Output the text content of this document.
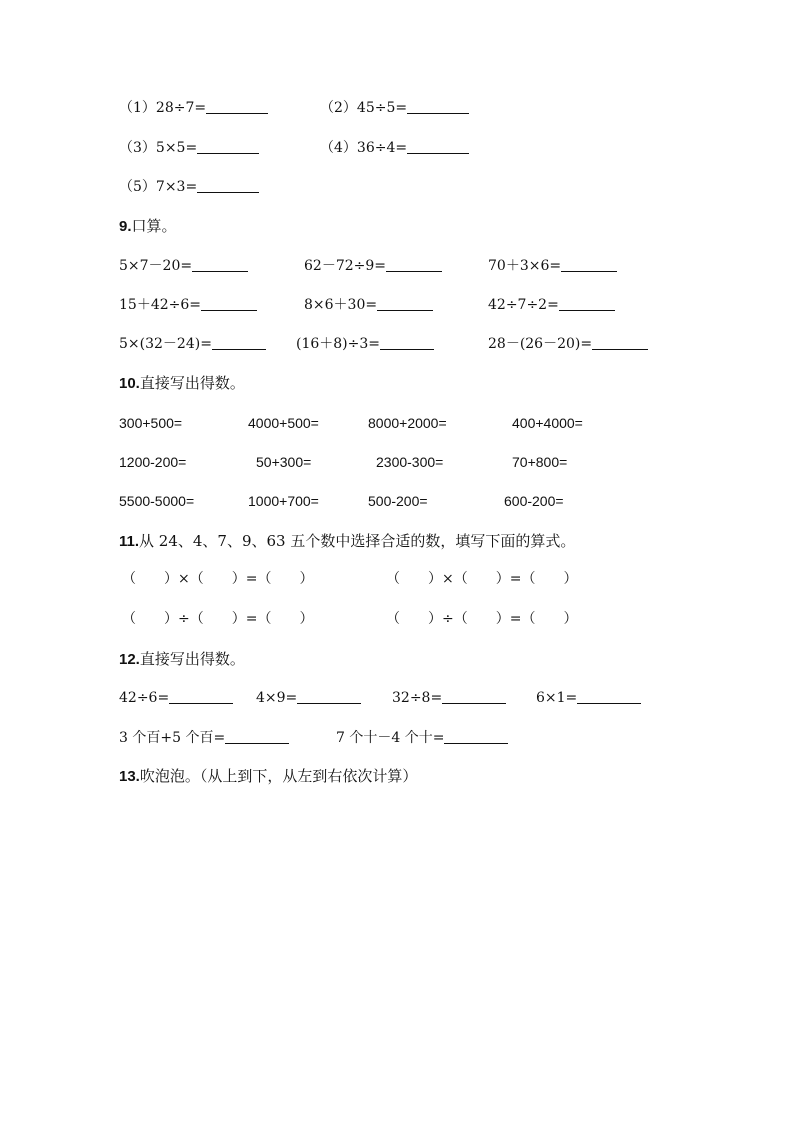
（1）28÷7=	（2）45÷5=
（3）5×5=	（4）36÷4=
（5）7×3=
9.口算。
5×7－20=	62－72÷9=	70＋3×6=
15＋42÷6=	8×6＋30=	42÷7÷2=
5×(32－24)=	(16＋8)÷3=	28－(26－20)=
10.直接写出得数。
300+500=	4000+500=	8000+2000=	400+4000=
1200-200=	50+300=	2300-300=	70+800=
5500-5000=	1000+700=	500-200=	600-200=
11.从 24、4、7、9、63 五个数中选择合适的数，填写下面的算式。
（　　）×（　　）=（　　）	（　　）×（　　）=（　　）
（　　）÷（　　）=（　　）	（　　）÷（　　）=（　　）
12.直接写出得数。
42÷6=	4×9=	32÷8=	6×1=
3 个百+5 个百=	7 个十－4 个十=
13.吹泡泡。（从上到下，从左到右依次计算）
